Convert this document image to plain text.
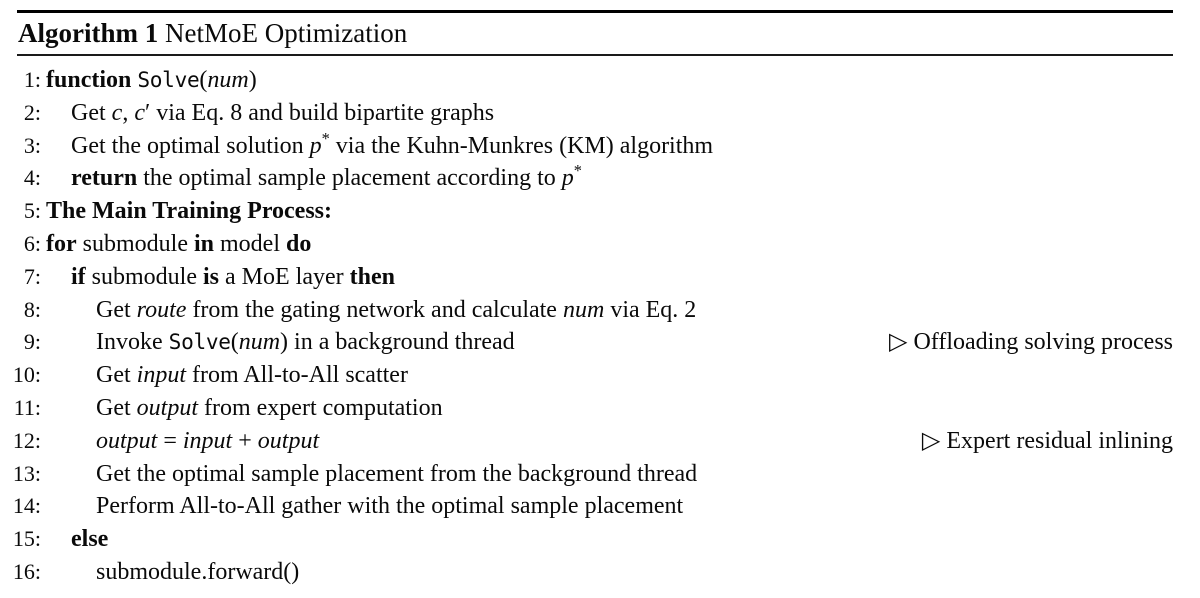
Algorithm 1 NetMoE Optimization
1: function Solve(num)
2: Get c, c′ via Eq. 8 and build bipartite graphs
3: Get the optimal solution p* via the Kuhn-Munkres (KM) algorithm
4: return the optimal sample placement according to p*
5: The Main Training Process:
6: for submodule in model do
7: if submodule is a MoE layer then
8: Get route from the gating network and calculate num via Eq. 2
9: Invoke Solve(num) in a background thread	▷ Offloading solving process
10: Get input from All-to-All scatter
11: Get output from expert computation
12: output = input + output	▷ Expert residual inlining
13: Get the optimal sample placement from the background thread
14: Perform All-to-All gather with the optimal sample placement
15: else
16: submodule.forward()
